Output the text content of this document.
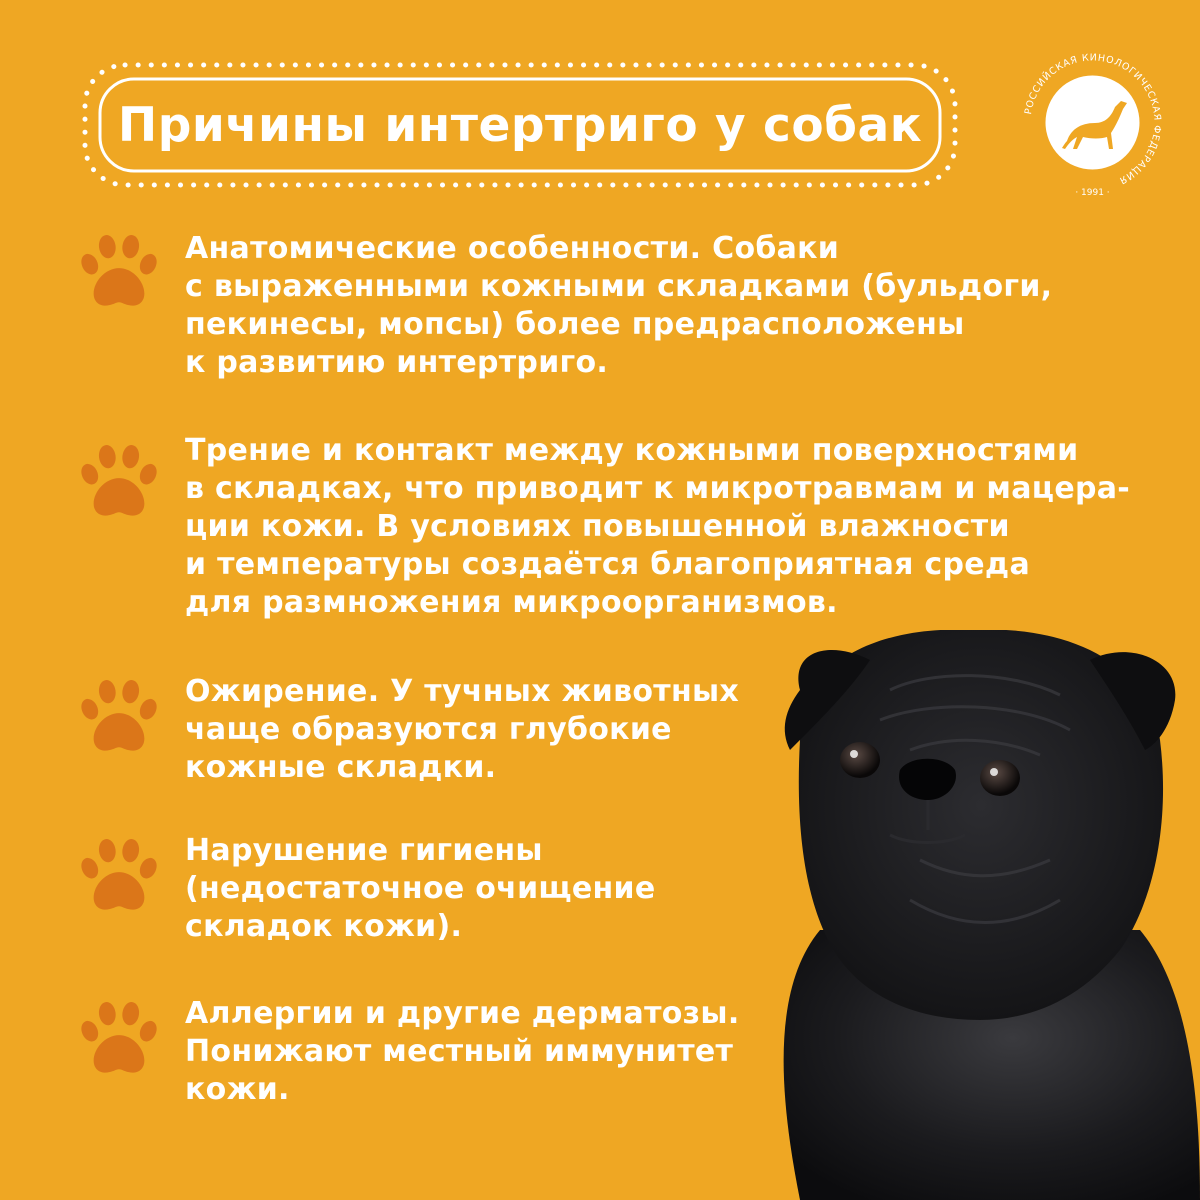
Причины интертриго у собак	РОССИЙСКАЯ КИНОЛОГИЧЕСКАЯ ФЕДЕРАЦИЯ
· 1991 ·

Анатомические особенности. Собаки
с выраженными кожными складками (бульдоги,
пекинесы, мопсы) более предрасположены
к развитию интертриго.

Трение и контакт между кожными поверхностями
в складках, что приводит к микротравмам и мацера-
ции кожи. В условиях повышенной влажности
и температуры создаётся благоприятная среда
для размножения микроорганизмов.

Ожирение. У тучных животных
чаще образуются глубокие
кожные складки.

Нарушение гигиены
(недостаточное очищение
складок кожи).

Аллергии и другие дерматозы.
Понижают местный иммунитет
кожи.
